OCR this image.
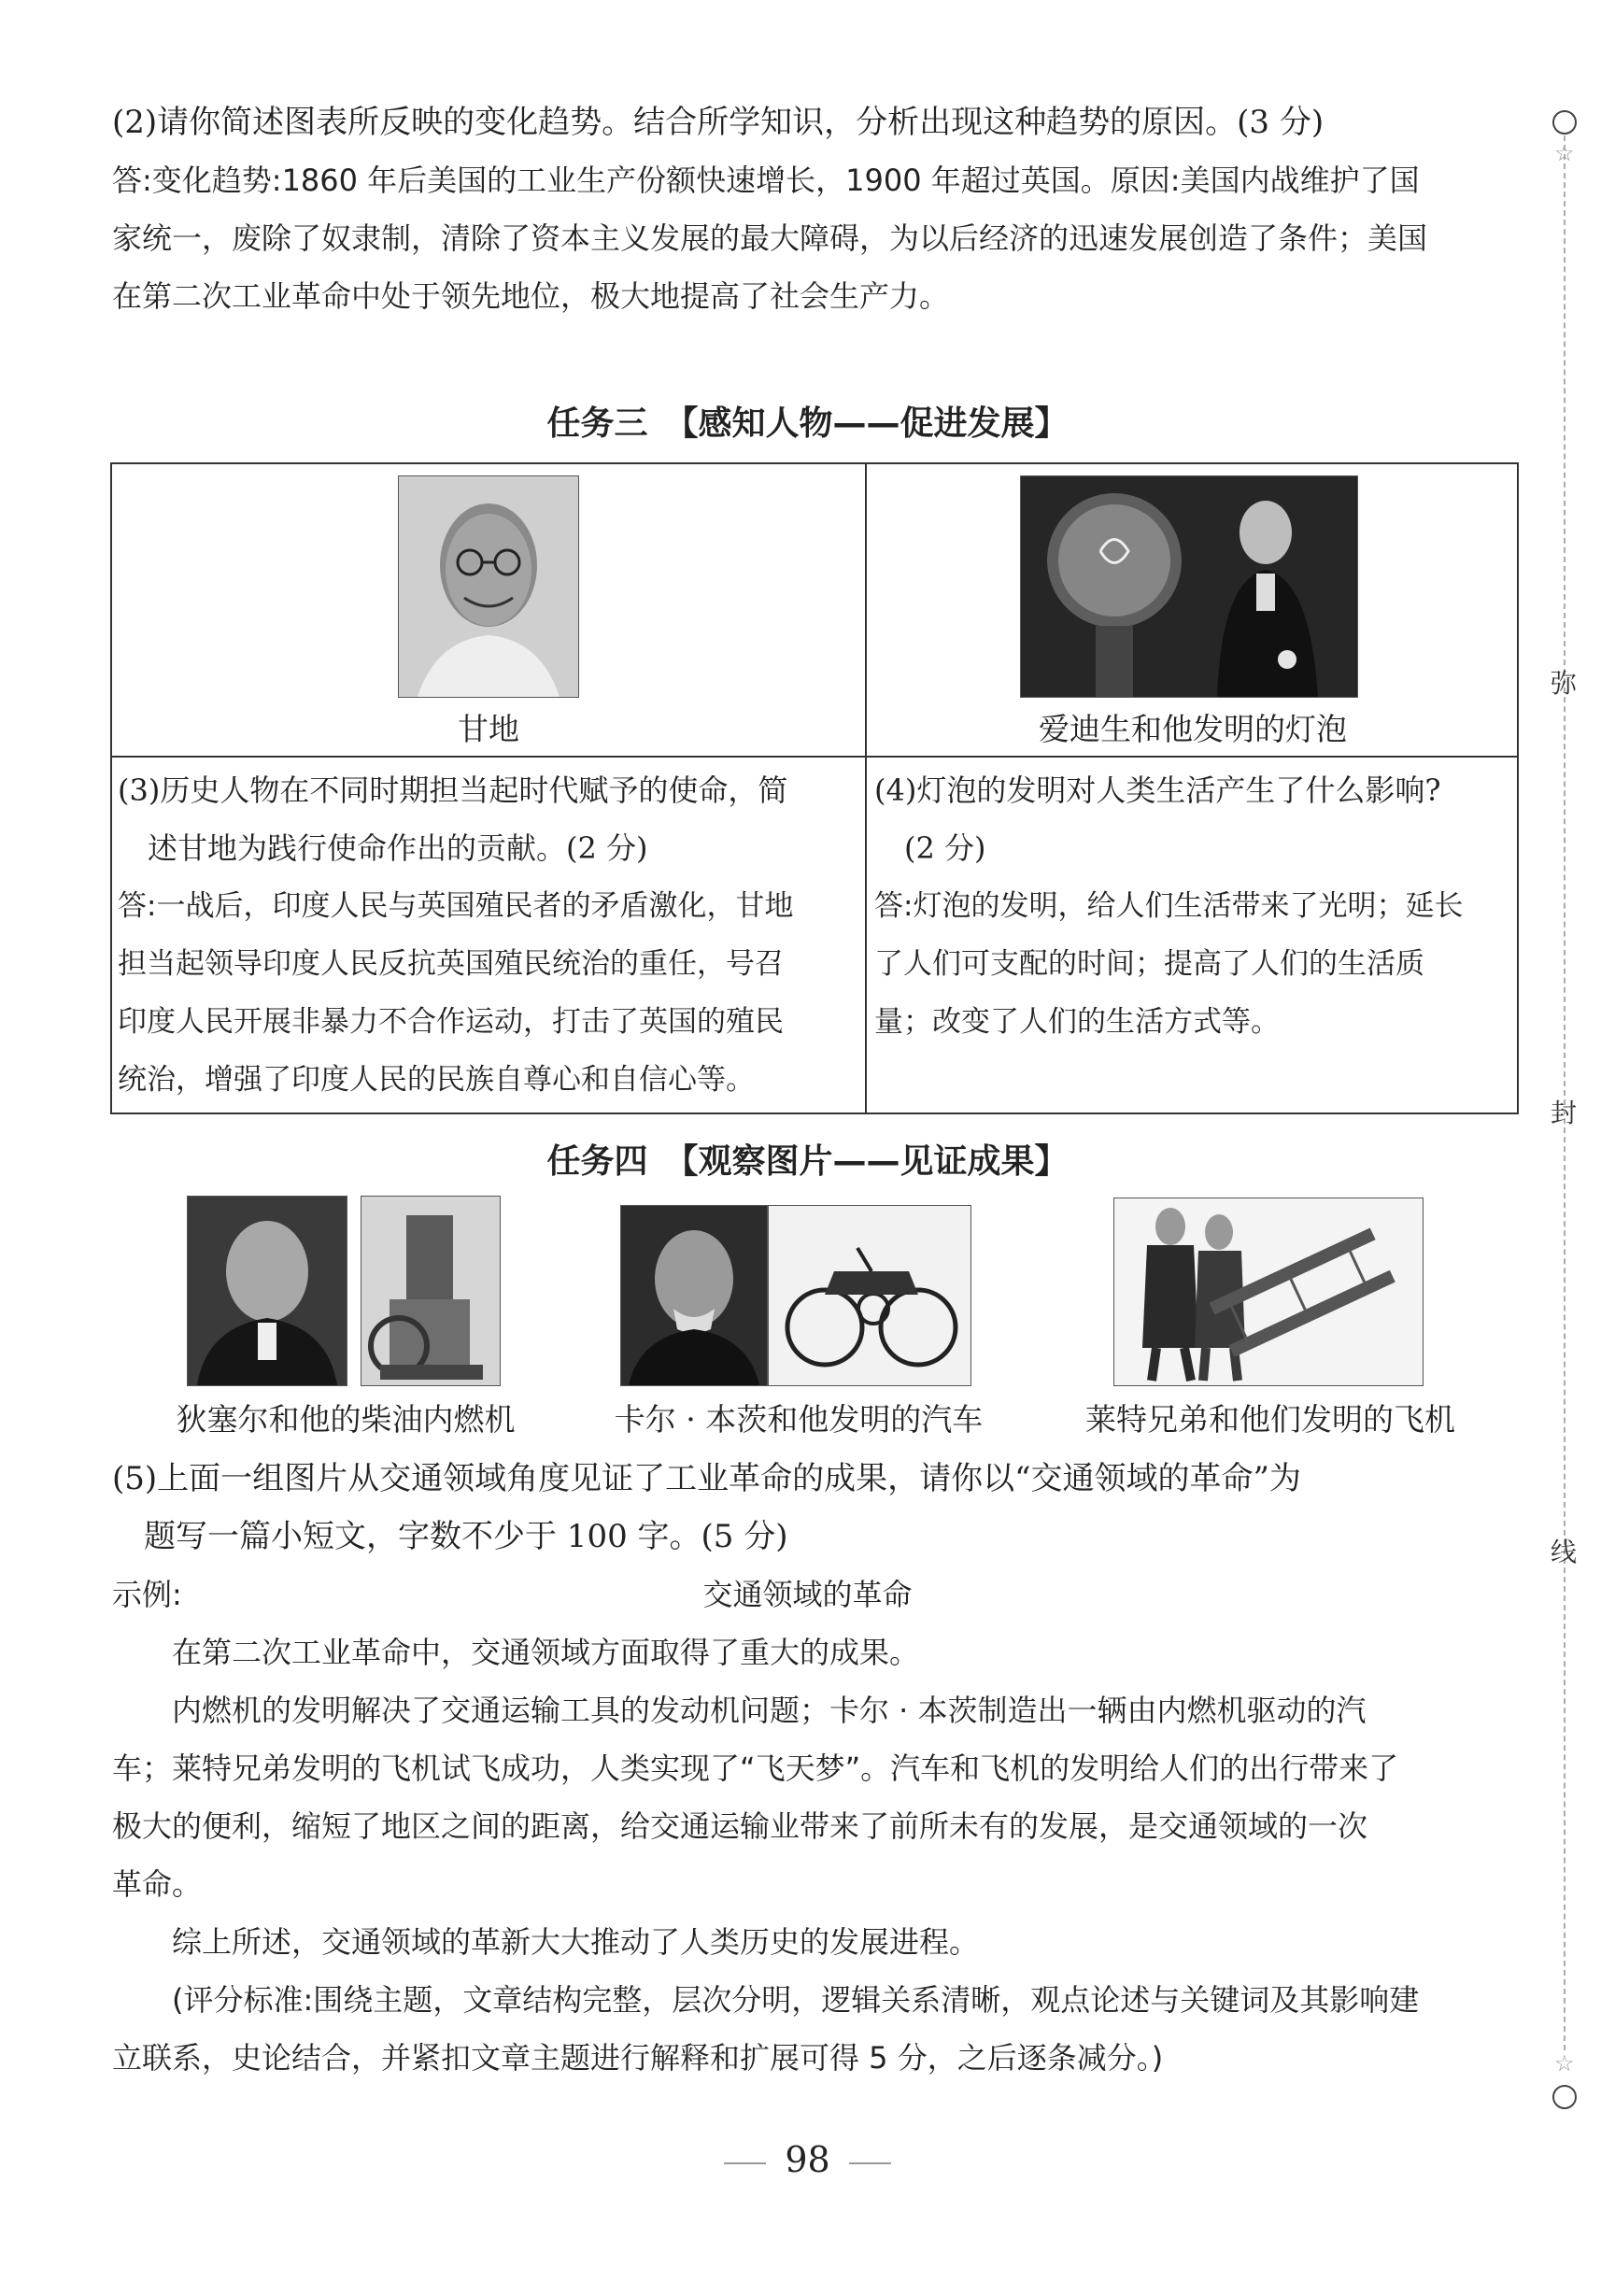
(2)请你简述图表所反映的变化趋势。结合所学知识，分析出现这种趋势的原因。(3 分)

答:变化趋势:1860 年后美国的工业生产份额快速增长，1900 年超过英国。原因:美国内战维护了国

家统一，废除了奴隶制，清除了资本主义发展的最大障碍，为以后经济的迅速发展创造了条件；美国

在第二次工业革命中处于领先地位，极大地提高了社会生产力。

任务三　【感知人物——促进发展】
甘地	爱迪生和他发明的灯泡
(3)历史人物在不同时期担当起时代赋予的使命，简
　述甘地为践行使命作出的贡献。(2 分)
答:一战后，印度人民与英国殖民者的矛盾激化，甘地
担当起领导印度人民反抗英国殖民统治的重任，号召
印度人民开展非暴力不合作运动，打击了英国的殖民
统治，增强了印度人民的民族自尊心和自信心等。
(4)灯泡的发明对人类生活产生了什么影响?
　(2 分)
答:灯泡的发明，给人们生活带来了光明；延长
了人们可支配的时间；提高了人们的生活质
量；改变了人们的生活方式等。
任务四　【观察图片——见证成果】
狄塞尔和他的柴油内燃机	卡尔 · 本茨和他发明的汽车	莱特兄弟和他们发明的飞机

(5)上面一组图片从交通领域角度见证了工业革命的成果，请你以“交通领域的革命”为

　题写一篇小短文，字数不少于 100 字。(5 分)

示例:	交通领域的革命

　　在第二次工业革命中，交通领域方面取得了重大的成果。

　　内燃机的发明解决了交通运输工具的发动机问题；卡尔 · 本茨制造出一辆由内燃机驱动的汽

车；莱特兄弟发明的飞机试飞成功，人类实现了“飞天梦”。汽车和飞机的发明给人们的出行带来了

极大的便利，缩短了地区之间的距离，给交通运输业带来了前所未有的发展，是交通领域的一次

革命。

　　综上所述，交通领域的革新大大推动了人类历史的发展进程。

　　(评分标准:围绕主题，文章结构完整，层次分明，逻辑关系清晰，观点论述与关键词及其影响建

立联系，史论结合，并紧扣文章主题进行解释和扩展可得 5 分，之后逐条减分。)

☆
弥
封
线
☆
98
